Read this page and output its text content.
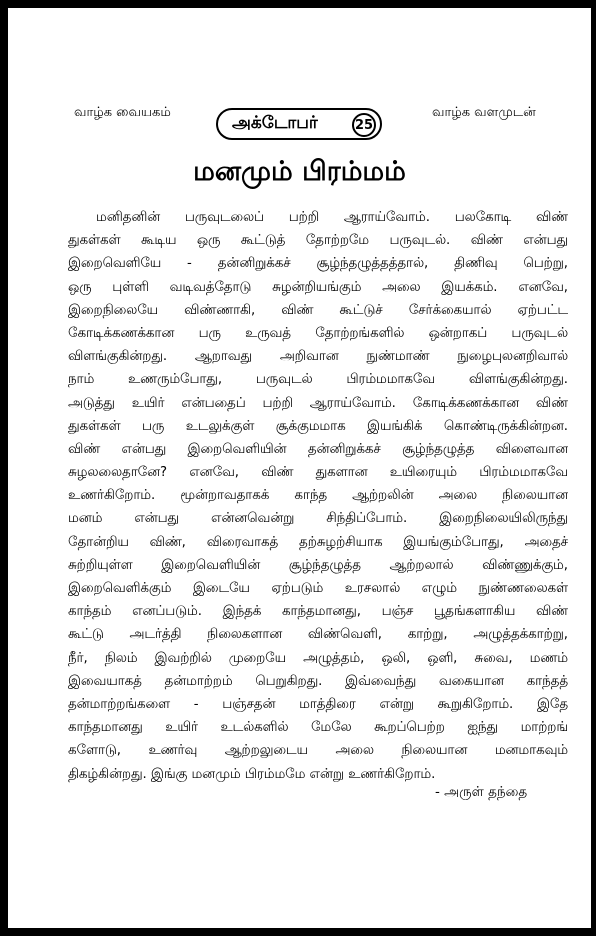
வாழ்க வையகம்
அக்டோபர்	25
வாழ்க வளமுடன்
மனமும் பிரம்மம்
மனிதனின் பருவுடலைப் பற்றி ஆராய்வோம். பலகோடி விண்
துகள்கள் கூடிய ஒரு கூட்டுத் தோற்றமே பருவுடல். விண் என்பது
இறைவெளியே - தன்னிறுக்கச் சூழ்ந்தழுத்தத்தால், திணிவு பெற்று,
ஒரு புள்ளி வடிவத்தோடு சுழன்றியங்கும் அலை இயக்கம். எனவே,
இறைநிலையே விண்ணாகி, விண் கூட்டுச் சேர்க்கையால் ஏற்பட்ட
கோடிக்கணக்கான பரு உருவத் தோற்றங்களில் ஒன்றாகப் பருவுடல்
விளங்குகின்றது. ஆறாவது அறிவான நுண்மாண் நுழைபுலனறிவால்
நாம் உணரும்போது, பருவுடல் பிரம்மமாகவே விளங்குகின்றது.
அடுத்து உயிர் என்பதைப் பற்றி ஆராய்வோம். கோடிக்கணக்கான விண்
துகள்கள் பரு உடலுக்குள் சூக்குமமாக இயங்கிக் கொண்டிருக்கின்றன.
விண் என்பது இறைவெளியின் தன்னிறுக்கச் சூழ்ந்தழுத்த விளைவான
சுழலலைதானே? எனவே, விண் துகளான உயிரையும் பிரம்மமாகவே
உணர்கிறோம். மூன்றாவதாகக் காந்த ஆற்றலின் அலை நிலையான
மனம் என்பது என்னவென்று சிந்திப்போம். இறைநிலையிலிருந்து
தோன்றிய விண், விரைவாகத் தற்சுழற்சியாக இயங்கும்போது, அதைச்
சுற்றியுள்ள இறைவெளியின் சூழ்ந்தழுத்த ஆற்றலால் விண்ணுக்கும்,
இறைவெளிக்கும் இடையே ஏற்படும் உரசலால் எழும் நுண்ணலைகள்
காந்தம் எனப்படும். இந்தக் காந்தமானது, பஞ்ச பூதங்களாகிய விண்
கூட்டு அடர்த்தி நிலைகளான விண்வெளி, காற்று, அழுத்தக்காற்று,
நீர், நிலம் இவற்றில் முறையே அழுத்தம், ஒலி, ஒளி, சுவை, மணம்
இவையாகத் தன்மாற்றம் பெறுகிறது. இவ்வைந்து வகையான காந்தத்
தன்மாற்றங்களை - பஞ்சதன் மாத்திரை என்று கூறுகிறோம். இதே
காந்தமானது உயிர் உடல்களில் மேலே கூறப்பெற்ற ஐந்து மாற்றங்
களோடு, உணர்வு ஆற்றலுடைய அலை நிலையான மனமாகவும்
திகழ்கின்றது. இங்கு மனமும் பிரம்மமே என்று உணர்கிறோம்.
- அருள் தந்தை
